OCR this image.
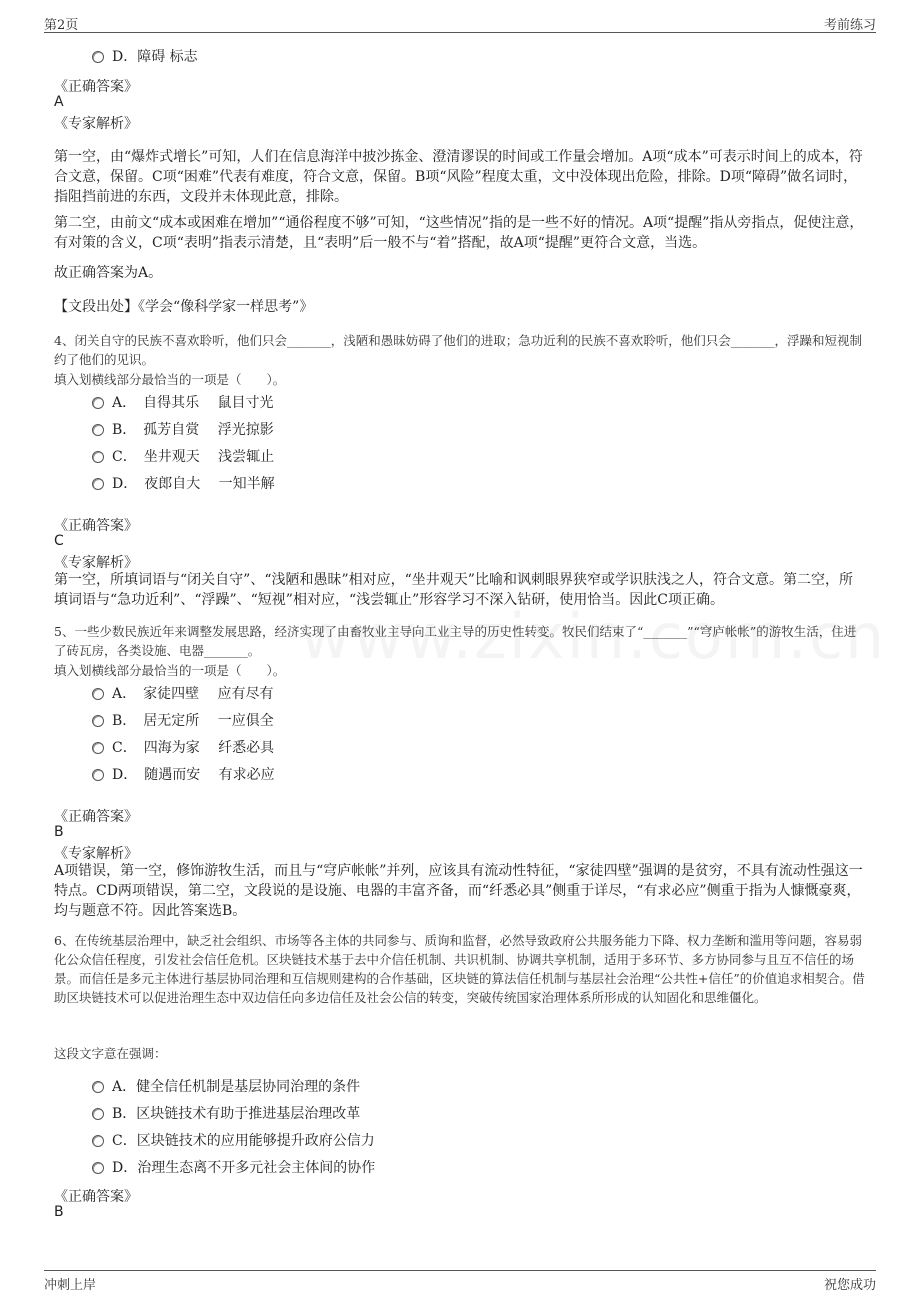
第2页	考前练习
D．障碍 标志
《正确答案》
A
《专家解析》
第一空，由“爆炸式增长”可知，人们在信息海洋中披沙拣金、澄清谬误的时间或工作量会增加。A项“成本”可表示时间上的成本，符合文意，保留。C项“困难”代表有难度，符合文意，保留。B项“风险”程度太重，文中没体现出危险，排除。D项“障碍”做名词时，指阻挡前进的东西，文段并未体现此意，排除。
第二空，由前文“成本或困难在增加”“通俗程度不够”可知，“这些情况”指的是一些不好的情况。A项“提醒”指从旁指点，促使注意，有对策的含义，C项“表明”指表示清楚，且“表明”后一般不与“着”搭配，故A项“提醒”更符合文意，当选。
故正确答案为A。
【文段出处】《学会“像科学家一样思考”》
4、闭关自守的民族不喜欢聆听，他们只会_______，浅陋和愚昧妨碍了他们的进取；急功近利的民族不喜欢聆听，他们只会_______，浮躁和短视制约了他们的见识。
填入划横线部分最恰当的一项是（　　）。
A．　自得其乐　 鼠目寸光
B．　孤芳自赏　 浮光掠影
C．　坐井观天　 浅尝辄止
D．　夜郎自大　 一知半解
《正确答案》
C
《专家解析》
第一空，所填词语与“闭关自守”、“浅陋和愚昧”相对应，“坐井观天”比喻和讽刺眼界狭窄或学识肤浅之人，符合文意。第二空，所填词语与“急功近利”、“浮躁”、“短视”相对应，“浅尝辄止”形容学习不深入钻研，使用恰当。因此C项正确。
5、一些少数民族近年来调整发展思路，经济实现了由畜牧业主导向工业主导的历史性转变。牧民们结束了“_______”“穹庐帐帐”的游牧生活，住进了砖瓦房，各类设施、电器_______。
填入划横线部分最恰当的一项是（　　）。
A．　家徒四壁　 应有尽有
B．　居无定所　 一应俱全
C．　四海为家　 纤悉必具
D．　随遇而安　 有求必应
《正确答案》
B
《专家解析》
A项错误，第一空，修饰游牧生活，而且与“穹庐帐帐”并列，应该具有流动性特征，“家徒四壁”强调的是贫穷，不具有流动性强这一特点。CD两项错误，第二空，文段说的是设施、电器的丰富齐备，而“纤悉必具”侧重于详尽，“有求必应”侧重于指为人慷慨豪爽，均与题意不符。因此答案选B。
6、在传统基层治理中，缺乏社会组织、市场等各主体的共同参与、质询和监督，必然导致政府公共服务能力下降、权力垄断和滥用等问题，容易弱化公众信任程度，引发社会信任危机。区块链技术基于去中介信任机制、共识机制、协调共享机制，适用于多环节、多方协同参与且互不信任的场景。而信任是多元主体进行基层协同治理和互信规则建构的合作基础，区块链的算法信任机制与基层社会治理“公共性+信任”的价值追求相契合。借助区块链技术可以促进治理生态中双边信任向多边信任及社会公信的转变，突破传统国家治理体系所形成的认知固化和思维僵化。
这段文字意在强调：
A．健全信任机制是基层协同治理的条件
B．区块链技术有助于推进基层治理改革
C．区块链技术的应用能够提升政府公信力
D．治理生态离不开多元社会主体间的协作
《正确答案》
B
冲刺上岸	祝您成功
